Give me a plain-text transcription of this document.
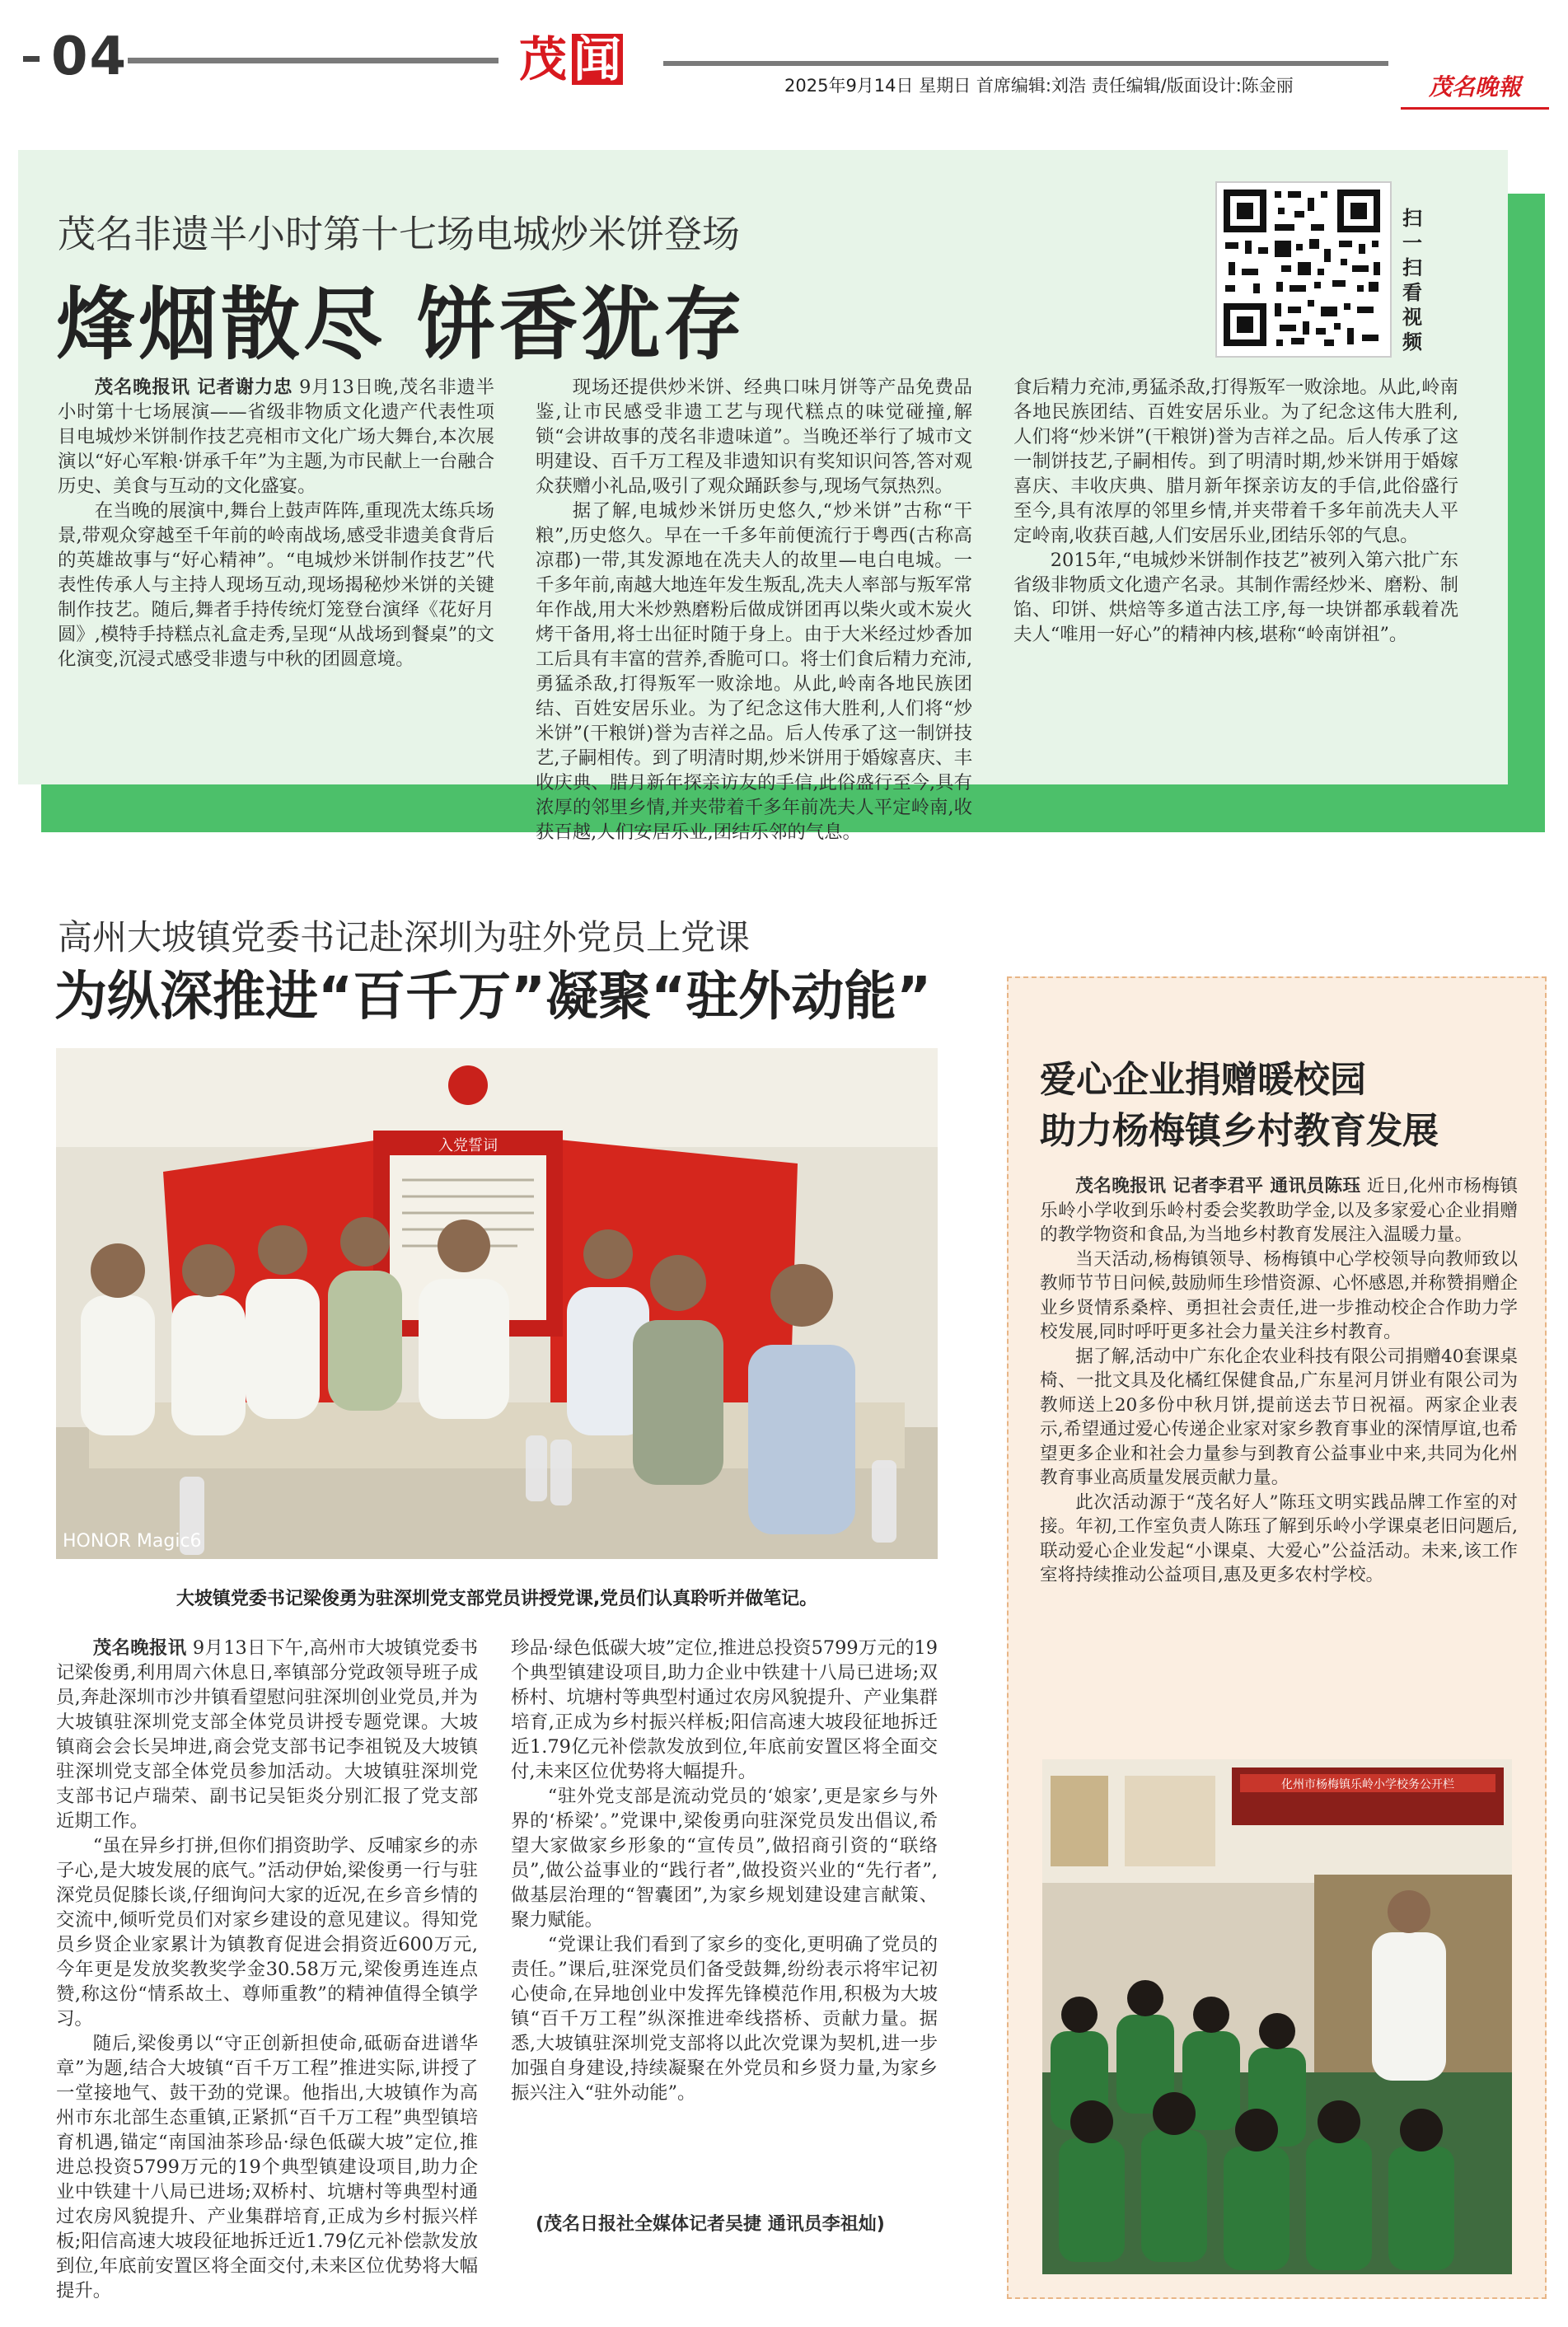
04	茂 闻	2025年9月14日 星期日 首席编辑:刘浩 责任编辑/版面设计:陈金丽	茂名晚報
茂名非遗半小时第十七场电城炒米饼登场
烽烟散尽 饼香犹存
扫一扫 看视频

茂名晚报讯 记者谢力忠 9月13日晚,茂名非遗半小时第十七场展演——省级非物质文化遗产代表性项目电城炒米饼制作技艺亮相市文化广场大舞台,本次展演以“好心军粮·饼承千年”为主题,为市民献上一台融合历史、美食与互动的文化盛宴。

在当晚的展演中,舞台上鼓声阵阵,重现冼太练兵场景,带观众穿越至千年前的岭南战场,感受非遗美食背后的英雄故事与“好心精神”。“电城炒米饼制作技艺”代表性传承人与主持人现场互动,现场揭秘炒米饼的关键制作技艺。随后,舞者手持传统灯笼登台演绎《花好月圆》,模特手持糕点礼盒走秀,呈现“从战场到餐桌”的文化演变,沉浸式感受非遗与中秋的团圆意境。

现场还提供炒米饼、经典口味月饼等产品免费品鉴,让市民感受非遗工艺与现代糕点的味觉碰撞,解锁“会讲故事的茂名非遗味道”。当晚还举行了城市文明建设、百千万工程及非遗知识有奖知识问答,答对观众获赠小礼品,吸引了观众踊跃参与,现场气氛热烈。

据了解,电城炒米饼历史悠久,“炒米饼”古称“干粮”,历史悠久。早在一千多年前便流行于粤西(古称高凉郡)一带,其发源地在冼夫人的故里—电白电城。一千多年前,南越大地连年发生叛乱,冼夫人率部与叛军常年作战,用大米炒熟磨粉后做成饼团再以柴火或木炭火烤干备用,将士出征时随于身上。由于大米经过炒香加工后具有丰富的营养,香脆可口。将士们食后精力充沛,勇猛杀敌,打得叛军一败涂地。从此,岭南各地民族团结、百姓安居乐业。为了纪念这伟大胜利,人们将“炒米饼”(干粮饼)誉为吉祥之品。后人传承了这一制饼技艺,子嗣相传。到了明清时期,炒米饼用于婚嫁喜庆、丰收庆典、腊月新年探亲访友的手信,此俗盛行至今,具有浓厚的邻里乡情,并夹带着千多年前冼夫人平定岭南,收获百越,人们安居乐业,团结乐邻的气息。

食后精力充沛,勇猛杀敌,打得叛军一败涂地。从此,岭南各地民族团结、百姓安居乐业。为了纪念这伟大胜利,人们将“炒米饼”(干粮饼)誉为吉祥之品。后人传承了这一制饼技艺,子嗣相传。到了明清时期,炒米饼用于婚嫁喜庆、丰收庆典、腊月新年探亲访友的手信,此俗盛行至今,具有浓厚的邻里乡情,并夹带着千多年前冼夫人平定岭南,收获百越,人们安居乐业,团结乐邻的气息。

2015年,“电城炒米饼制作技艺”被列入第六批广东省级非物质文化遗产名录。其制作需经炒米、磨粉、制馅、印饼、烘焙等多道古法工序,每一块饼都承载着冼夫人“唯用一好心”的精神内核,堪称“岭南饼祖”。

高州大坡镇党委书记赴深圳为驻外党员上党课
为纵深推进“百千万”凝聚“驻外动能”
入党誓词
HONOR Magic6
大坡镇党委书记梁俊勇为驻深圳党支部党员讲授党课,党员们认真聆听并做笔记。

茂名晚报讯 9月13日下午,高州市大坡镇党委书记梁俊勇,利用周六休息日,率镇部分党政领导班子成员,奔赴深圳市沙井镇看望慰问驻深圳创业党员,并为大坡镇驻深圳党支部全体党员讲授专题党课。大坡镇商会会长吴坤进,商会党支部书记李祖锐及大坡镇驻深圳党支部全体党员参加活动。大坡镇驻深圳党支部书记卢瑞荣、副书记吴钜炎分别汇报了党支部近期工作。

“虽在异乡打拼,但你们捐资助学、反哺家乡的赤子心,是大坡发展的底气。”活动伊始,梁俊勇一行与驻深党员促膝长谈,仔细询问大家的近况,在乡音乡情的交流中,倾听党员们对家乡建设的意见建议。得知党员乡贤企业家累计为镇教育促进会捐资近600万元,今年更是发放奖教奖学金30.58万元,梁俊勇连连点赞,称这份“情系故土、尊师重教”的精神值得全镇学习。

随后,梁俊勇以“守正创新担使命,砥砺奋进谱华章”为题,结合大坡镇“百千万工程”推进实际,讲授了一堂接地气、鼓干劲的党课。他指出,大坡镇作为高州市东北部生态重镇,正紧抓“百千万工程”典型镇培育机遇,锚定“南国油茶珍品·绿色低碳大坡”定位,推进总投资5799万元的19个典型镇建设项目,助力企业中铁建十八局已进场;双桥村、坑塘村等典型村通过农房风貌提升、产业集群培育,正成为乡村振兴样板;阳信高速大坡段征地拆迁近1.79亿元补偿款发放到位,年底前安置区将全面交付,未来区位优势将大幅提升。

珍品·绿色低碳大坡”定位,推进总投资5799万元的19个典型镇建设项目,助力企业中铁建十八局已进场;双桥村、坑塘村等典型村通过农房风貌提升、产业集群培育,正成为乡村振兴样板;阳信高速大坡段征地拆迁近1.79亿元补偿款发放到位,年底前安置区将全面交付,未来区位优势将大幅提升。

“驻外党支部是流动党员的‘娘家’,更是家乡与外界的‘桥梁’。”党课中,梁俊勇向驻深党员发出倡议,希望大家做家乡形象的“宣传员”,做招商引资的“联络员”,做公益事业的“践行者”,做投资兴业的“先行者”,做基层治理的“智囊团”,为家乡规划建设建言献策、聚力赋能。

“党课让我们看到了家乡的变化,更明确了党员的责任。”课后,驻深党员们备受鼓舞,纷纷表示将牢记初心使命,在异地创业中发挥先锋模范作用,积极为大坡镇“百千万工程”纵深推进牵线搭桥、贡献力量。据悉,大坡镇驻深圳党支部将以此次党课为契机,进一步加强自身建设,持续凝聚在外党员和乡贤力量,为家乡振兴注入“驻外动能”。

(茂名日报社全媒体记者吴捷 通讯员李祖灿)
爱心企业捐赠暖校园
助力杨梅镇乡村教育发展

茂名晚报讯 记者李君平 通讯员陈珏 近日,化州市杨梅镇乐岭小学收到乐岭村委会奖教助学金,以及多家爱心企业捐赠的教学物资和食品,为当地乡村教育发展注入温暖力量。

当天活动,杨梅镇领导、杨梅镇中心学校领导向教师致以教师节节日问候,鼓励师生珍惜资源、心怀感恩,并称赞捐赠企业乡贤情系桑梓、勇担社会责任,进一步推动校企合作助力学校发展,同时呼吁更多社会力量关注乡村教育。

据了解,活动中广东化企农业科技有限公司捐赠40套课桌椅、一批文具及化橘红保健食品,广东星河月饼业有限公司为教师送上20多份中秋月饼,提前送去节日祝福。两家企业表示,希望通过爱心传递企业家对家乡教育事业的深情厚谊,也希望更多企业和社会力量参与到教育公益事业中来,共同为化州教育事业高质量发展贡献力量。

此次活动源于“茂名好人”陈珏文明实践品牌工作室的对接。年初,工作室负责人陈珏了解到乐岭小学课桌老旧问题后,联动爱心企业发起“小课桌、大爱心”公益活动。未来,该工作室将持续推动公益项目,惠及更多农村学校。

化州市杨梅镇乐岭小学校务公开栏
